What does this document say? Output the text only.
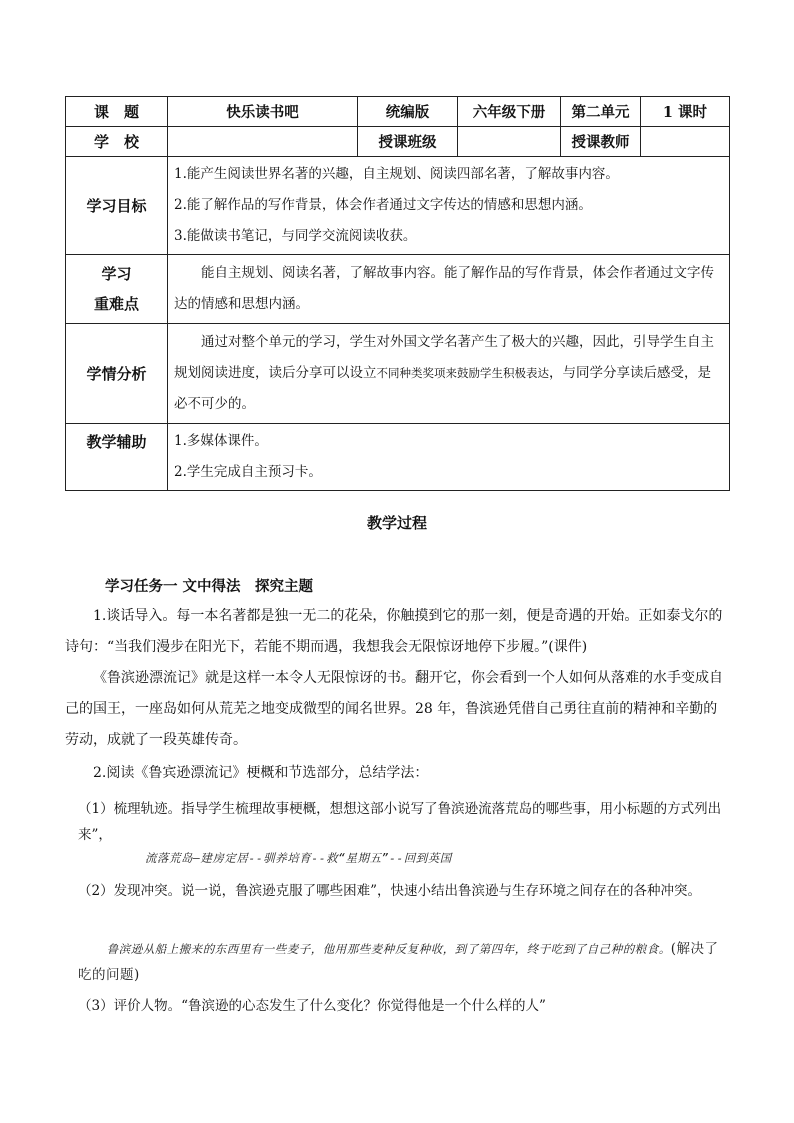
课　题	快乐读书吧	统编版	六年级下册	第二单元	1 课时
学　校		授课班级		授课教师	
学习目标	1.能产生阅读世界名著的兴趣，自主规划、阅读四部名著，了解故事内容。
2.能了解作品的写作背景，体会作者通过文字传达的情感和思想内涵。
3.能做读书笔记，与同学交流阅读收获。				

学习
重难点	能自主规划、阅读名著，了解故事内容。能了解作品的写作背景，体会作者通过文字传达的情感和思想内涵。				
学情分析	通过对整个单元的学习，学生对外国文学名著产生了极大的兴趣，因此，引导学生自主规划阅读进度，读后分享可以设立不同种类奖项来鼓励学生积极表达，与同学分享读后感受，是必不可少的。				
教学辅助	1.多媒体课件。
2.学生完成自主预习卡。				
教学过程
学习任务一 文中得法　探究主题
1.谈话导入。每一本名著都是独一无二的花朵，你触摸到它的那一刻，便是奇遇的开始。正如泰戈尔的诗句：“当我们漫步在阳光下，若能不期而遇，我想我会无限惊讶地停下步履。”(课件)
《鲁滨逊漂流记》就是这样一本令人无限惊讶的书。翻开它，你会看到一个人如何从落难的水手变成自己的国王，一座岛如何从荒芜之地变成微型的闻名世界。28 年，鲁滨逊凭借自己勇往直前的精神和辛勤的劳动，成就了一段英雄传奇。
2.阅读《鲁宾逊漂流记》梗概和节选部分，总结学法：
（1）梳理轨迹。指导学生梳理故事梗概，想想这部小说写了鲁滨逊流落荒岛的哪些事，用小标题的方式列出来”，
流落荒岛—建房定居--驯养培育--救“星期五”--回到英国
（2）发现冲突。说一说，鲁滨逊克服了哪些困难”，快速小结出鲁滨逊与生存环境之间存在的各种冲突。
鲁滨逊从船上搬来的东西里有一些麦子，他用那些麦种反复种收，到了第四年，终于吃到了自己种的粮食。(解决了吃的问题)
（3）评价人物。“鲁滨逊的心态发生了什么变化？你觉得他是一个什么样的人”
